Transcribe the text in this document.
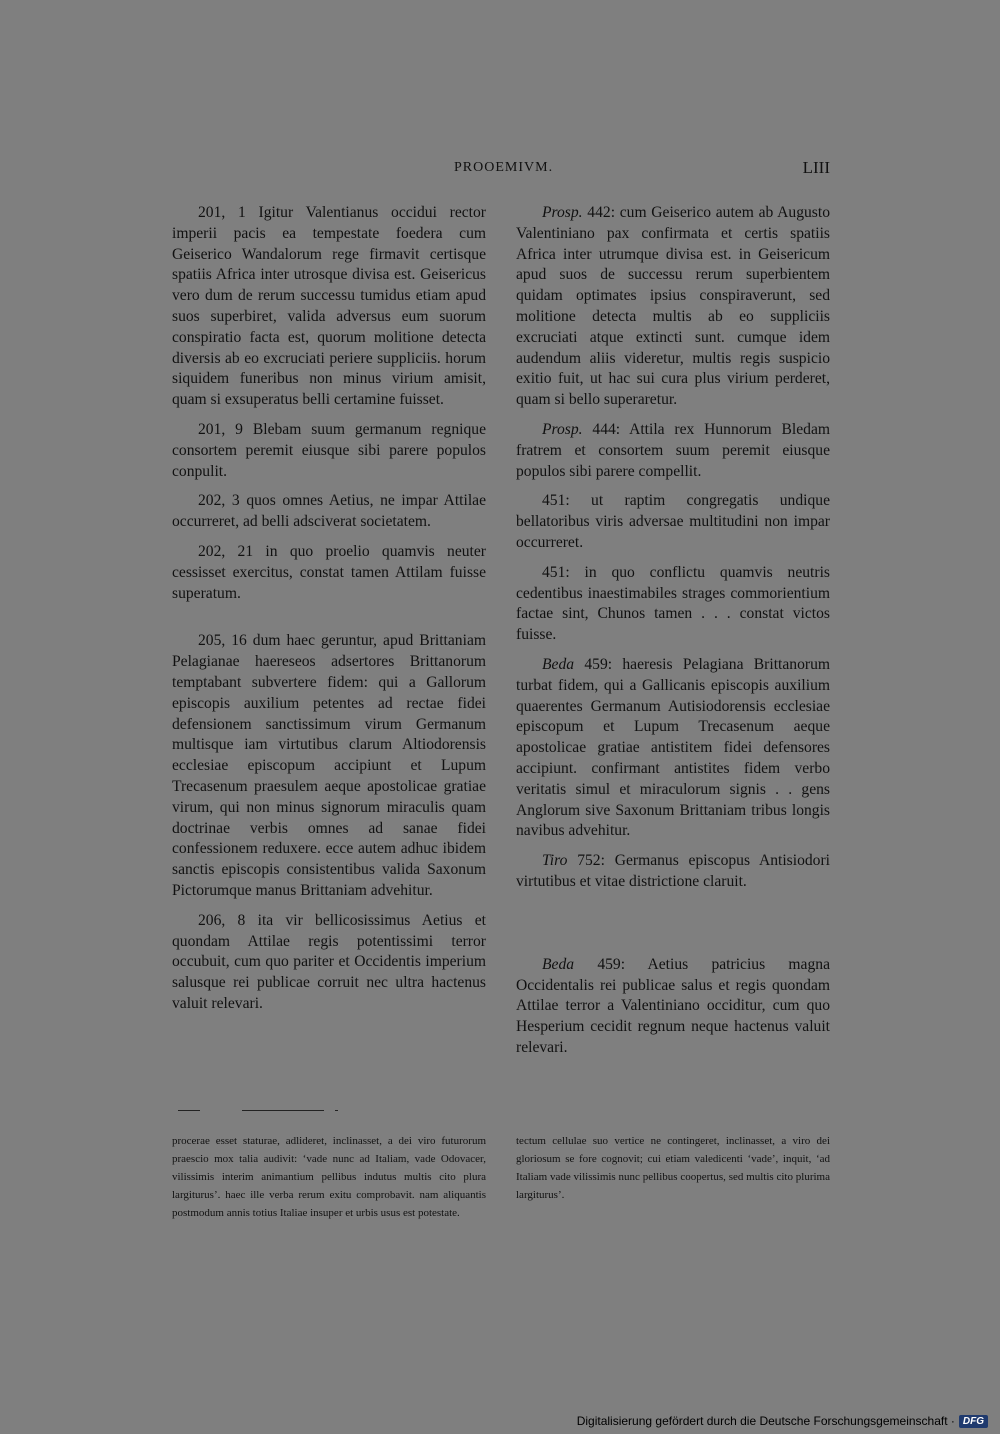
PROOEMIVM.	LIII

201, 1 Igitur Valentianus occidui rector imperii pacis ea tempestate foedera cum Geiserico Wandalorum rege firmavit certisque spatiis Africa inter utrosque divisa est. Geisericus vero dum de rerum successu tumidus etiam apud suos superbiret, valida adversus eum suorum conspiratio facta est, quorum molitione detecta diversis ab eo excruciati periere suppliciis. horum siquidem funeribus non minus virium amisit, quam si exsuperatus belli certamine fuisset.

201, 9 Blebam suum germanum regnique consortem peremit eiusque sibi parere populos conpulit.

202, 3 quos omnes Aetius, ne impar Attilae occurreret, ad belli adsciverat societatem.

202, 21 in quo proelio quamvis neuter cessisset exercitus, constat tamen Attilam fuisse superatum.

205, 16 dum haec geruntur, apud Brittaniam Pelagianae haereseos adsertores Brittanorum temptabant subvertere fidem: qui a Gallorum episcopis auxilium petentes ad rectae fidei defensionem sanctissimum virum Germanum multisque iam virtutibus clarum Altiodorensis ecclesiae episcopum accipiunt et Lupum Trecasenum praesulem aeque apostolicae gratiae virum, qui non minus signorum miraculis quam doctrinae verbis omnes ad sanae fidei confessionem reduxere. ecce autem adhuc ibidem sanctis episcopis consistentibus valida Saxonum Pictorumque manus Brittaniam advehitur.

206, 8 ita vir bellicosissimus Aetius et quondam Attilae regis potentissimi terror occubuit, cum quo pariter et Occidentis imperium salusque rei publicae corruit nec ultra hactenus valuit relevari.

Prosp. 442: cum Geiserico autem ab Augusto Valentiniano pax confirmata et certis spatiis Africa inter utrumque divisa est. in Geisericum apud suos de successu rerum superbientem quidam optimates ipsius conspiraverunt, sed molitione detecta multis ab eo suppliciis excruciati atque extincti sunt. cumque idem audendum aliis videretur, multis regis suspicio exitio fuit, ut hac sui cura plus virium perderet, quam si bello superaretur.

Prosp. 444: Attila rex Hunnorum Bledam fratrem et consortem suum peremit eiusque populos sibi parere compellit.

451: ut raptim congregatis undique bellatoribus viris adversae multitudini non impar occurreret.

451: in quo conflictu quamvis neutris cedentibus inaestimabiles strages commorientium factae sint, Chunos tamen . . . constat victos fuisse.

Beda 459: haeresis Pelagiana Brittanorum turbat fidem, qui a Gallicanis episcopis auxilium quaerentes Germanum Autisiodorensis ecclesiae episcopum et Lupum Trecasenum aeque apostolicae gratiae antistitem fidei defensores accipiunt. confirmant antistites fidem verbo veritatis simul et miraculorum signis . . gens Anglorum sive Saxonum Brittaniam tribus longis navibus advehitur.

Tiro 752: Germanus episcopus Antisiodori virtutibus et vitae districtione claruit.

Beda 459: Aetius patricius magna Occidentalis rei publicae salus et regis quondam Attilae terror a Valentiniano occiditur, cum quo Hesperium cecidit regnum neque hactenus valuit relevari.

procerae esset staturae, adlideret, inclinasset, a dei viro futurorum praescio mox talia audivit: ‘vade nunc ad Italiam, vade Odovacer, vilissimis interim animantium pellibus indutus multis cito plura largiturus’. haec ille verba rerum exitu comprobavit. nam aliquantis postmodum annis totius Italiae insuper et urbis usus est potestate.
tectum cellulae suo vertice ne contingeret, inclinasset, a viro dei gloriosum se fore cognovit; cui etiam valedicenti ‘vade’, inquit, ‘ad Italiam vade vilissimis nunc pellibus coopertus, sed multis cito plurima largiturus’.
Digitalisierung gefördert durch die Deutsche Forschungsgemeinschaft · DFG
